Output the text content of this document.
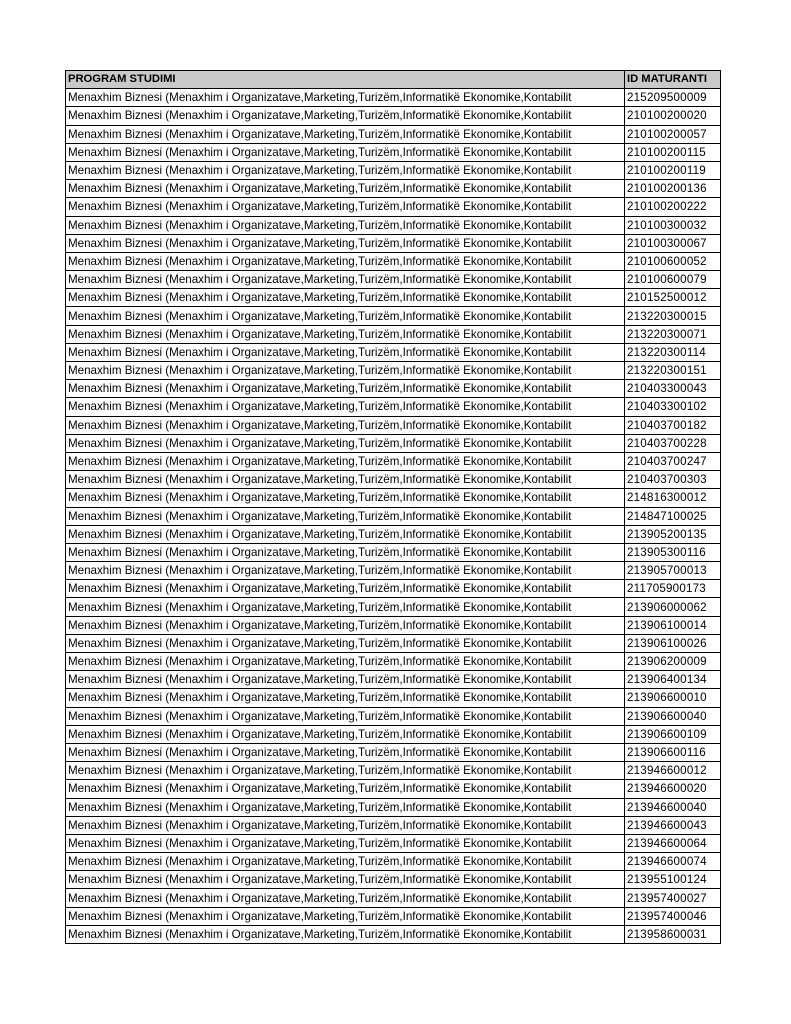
PROGRAM STUDIMI	ID MATURANTI
Menaxhim Biznesi (Menaxhim i Organizatave,Marketing,Turizëm,Informatikë Ekonomike,Kontabilit	215209500009
Menaxhim Biznesi (Menaxhim i Organizatave,Marketing,Turizëm,Informatikë Ekonomike,Kontabilit	210100200020
Menaxhim Biznesi (Menaxhim i Organizatave,Marketing,Turizëm,Informatikë Ekonomike,Kontabilit	210100200057
Menaxhim Biznesi (Menaxhim i Organizatave,Marketing,Turizëm,Informatikë Ekonomike,Kontabilit	210100200115
Menaxhim Biznesi (Menaxhim i Organizatave,Marketing,Turizëm,Informatikë Ekonomike,Kontabilit	210100200119
Menaxhim Biznesi (Menaxhim i Organizatave,Marketing,Turizëm,Informatikë Ekonomike,Kontabilit	210100200136
Menaxhim Biznesi (Menaxhim i Organizatave,Marketing,Turizëm,Informatikë Ekonomike,Kontabilit	210100200222
Menaxhim Biznesi (Menaxhim i Organizatave,Marketing,Turizëm,Informatikë Ekonomike,Kontabilit	210100300032
Menaxhim Biznesi (Menaxhim i Organizatave,Marketing,Turizëm,Informatikë Ekonomike,Kontabilit	210100300067
Menaxhim Biznesi (Menaxhim i Organizatave,Marketing,Turizëm,Informatikë Ekonomike,Kontabilit	210100600052
Menaxhim Biznesi (Menaxhim i Organizatave,Marketing,Turizëm,Informatikë Ekonomike,Kontabilit	210100600079
Menaxhim Biznesi (Menaxhim i Organizatave,Marketing,Turizëm,Informatikë Ekonomike,Kontabilit	210152500012
Menaxhim Biznesi (Menaxhim i Organizatave,Marketing,Turizëm,Informatikë Ekonomike,Kontabilit	213220300015
Menaxhim Biznesi (Menaxhim i Organizatave,Marketing,Turizëm,Informatikë Ekonomike,Kontabilit	213220300071
Menaxhim Biznesi (Menaxhim i Organizatave,Marketing,Turizëm,Informatikë Ekonomike,Kontabilit	213220300114
Menaxhim Biznesi (Menaxhim i Organizatave,Marketing,Turizëm,Informatikë Ekonomike,Kontabilit	213220300151
Menaxhim Biznesi (Menaxhim i Organizatave,Marketing,Turizëm,Informatikë Ekonomike,Kontabilit	210403300043
Menaxhim Biznesi (Menaxhim i Organizatave,Marketing,Turizëm,Informatikë Ekonomike,Kontabilit	210403300102
Menaxhim Biznesi (Menaxhim i Organizatave,Marketing,Turizëm,Informatikë Ekonomike,Kontabilit	210403700182
Menaxhim Biznesi (Menaxhim i Organizatave,Marketing,Turizëm,Informatikë Ekonomike,Kontabilit	210403700228
Menaxhim Biznesi (Menaxhim i Organizatave,Marketing,Turizëm,Informatikë Ekonomike,Kontabilit	210403700247
Menaxhim Biznesi (Menaxhim i Organizatave,Marketing,Turizëm,Informatikë Ekonomike,Kontabilit	210403700303
Menaxhim Biznesi (Menaxhim i Organizatave,Marketing,Turizëm,Informatikë Ekonomike,Kontabilit	214816300012
Menaxhim Biznesi (Menaxhim i Organizatave,Marketing,Turizëm,Informatikë Ekonomike,Kontabilit	214847100025
Menaxhim Biznesi (Menaxhim i Organizatave,Marketing,Turizëm,Informatikë Ekonomike,Kontabilit	213905200135
Menaxhim Biznesi (Menaxhim i Organizatave,Marketing,Turizëm,Informatikë Ekonomike,Kontabilit	213905300116
Menaxhim Biznesi (Menaxhim i Organizatave,Marketing,Turizëm,Informatikë Ekonomike,Kontabilit	213905700013
Menaxhim Biznesi (Menaxhim i Organizatave,Marketing,Turizëm,Informatikë Ekonomike,Kontabilit	211705900173
Menaxhim Biznesi (Menaxhim i Organizatave,Marketing,Turizëm,Informatikë Ekonomike,Kontabilit	213906000062
Menaxhim Biznesi (Menaxhim i Organizatave,Marketing,Turizëm,Informatikë Ekonomike,Kontabilit	213906100014
Menaxhim Biznesi (Menaxhim i Organizatave,Marketing,Turizëm,Informatikë Ekonomike,Kontabilit	213906100026
Menaxhim Biznesi (Menaxhim i Organizatave,Marketing,Turizëm,Informatikë Ekonomike,Kontabilit	213906200009
Menaxhim Biznesi (Menaxhim i Organizatave,Marketing,Turizëm,Informatikë Ekonomike,Kontabilit	213906400134
Menaxhim Biznesi (Menaxhim i Organizatave,Marketing,Turizëm,Informatikë Ekonomike,Kontabilit	213906600010
Menaxhim Biznesi (Menaxhim i Organizatave,Marketing,Turizëm,Informatikë Ekonomike,Kontabilit	213906600040
Menaxhim Biznesi (Menaxhim i Organizatave,Marketing,Turizëm,Informatikë Ekonomike,Kontabilit	213906600109
Menaxhim Biznesi (Menaxhim i Organizatave,Marketing,Turizëm,Informatikë Ekonomike,Kontabilit	213906600116
Menaxhim Biznesi (Menaxhim i Organizatave,Marketing,Turizëm,Informatikë Ekonomike,Kontabilit	213946600012
Menaxhim Biznesi (Menaxhim i Organizatave,Marketing,Turizëm,Informatikë Ekonomike,Kontabilit	213946600020
Menaxhim Biznesi (Menaxhim i Organizatave,Marketing,Turizëm,Informatikë Ekonomike,Kontabilit	213946600040
Menaxhim Biznesi (Menaxhim i Organizatave,Marketing,Turizëm,Informatikë Ekonomike,Kontabilit	213946600043
Menaxhim Biznesi (Menaxhim i Organizatave,Marketing,Turizëm,Informatikë Ekonomike,Kontabilit	213946600064
Menaxhim Biznesi (Menaxhim i Organizatave,Marketing,Turizëm,Informatikë Ekonomike,Kontabilit	213946600074
Menaxhim Biznesi (Menaxhim i Organizatave,Marketing,Turizëm,Informatikë Ekonomike,Kontabilit	213955100124
Menaxhim Biznesi (Menaxhim i Organizatave,Marketing,Turizëm,Informatikë Ekonomike,Kontabilit	213957400027
Menaxhim Biznesi (Menaxhim i Organizatave,Marketing,Turizëm,Informatikë Ekonomike,Kontabilit	213957400046
Menaxhim Biznesi (Menaxhim i Organizatave,Marketing,Turizëm,Informatikë Ekonomike,Kontabilit	213958600031
